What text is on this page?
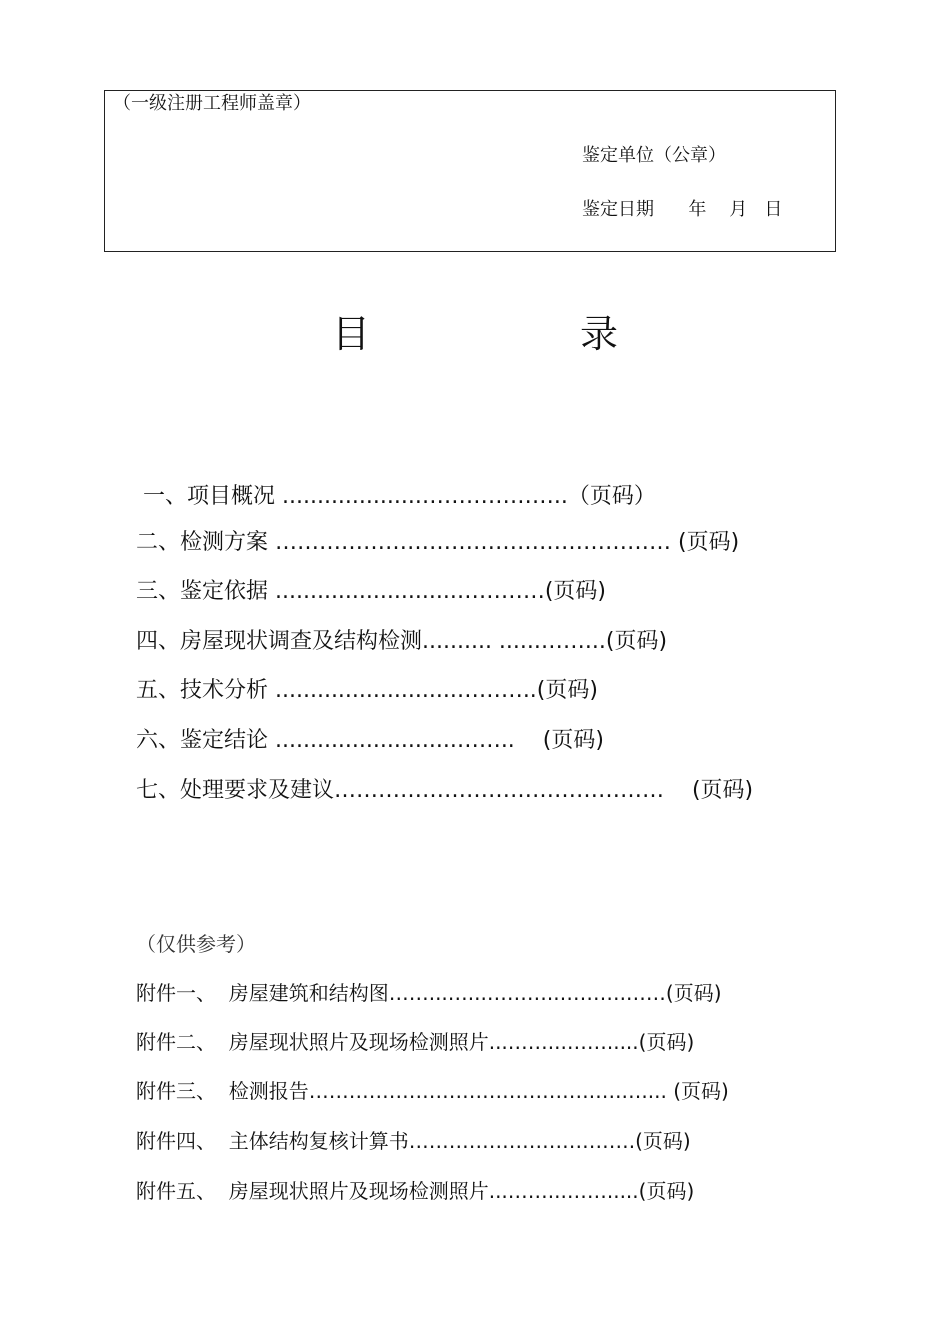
（一级注册工程师盖章）
鉴定单位（公章）
鉴定日期      年    月   日
目	录
一、项目概况 ....................………………..（页码）
二、检测方案 ……………………………………………… (页码)
三、鉴定依据 ..........................…………(页码)
四、房屋现状调查及结构检测.......... ......……...(页码)
五、技术分析 ..........................………..(页码)
六、鉴定结论 ..........................……..    (页码)
七、处理要求及建议………………………………………    (页码)
（仅供参考）
附件一、  房屋建筑和结构图……...…...………..……….……(页码)
附件二、  房屋现状照片及现场检测照片...……...…….....(页码)
附件三、  检测报告…………………………………….….….... (页码)
附件四、  主体结构复核计算书…………………………….(页码)
附件五、  房屋现状照片及现场检测照片...……...…….....(页码)
